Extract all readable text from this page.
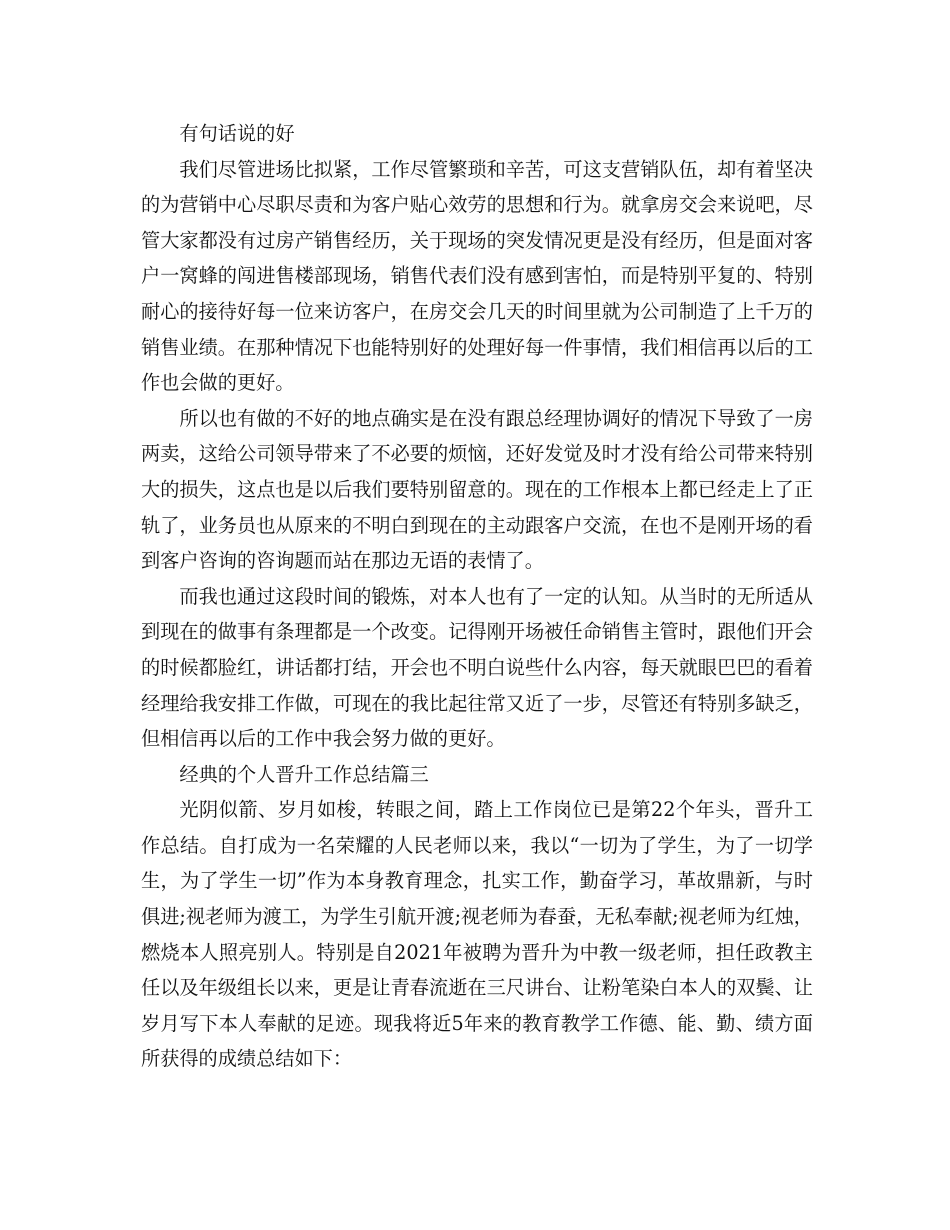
有句话说的好

我们尽管进场比拟紧，工作尽管繁琐和辛苦，可这支营销队伍，却有着坚决的为营销中心尽职尽责和为客户贴心效劳的思想和行为。就拿房交会来说吧，尽管大家都没有过房产销售经历，关于现场的突发情况更是没有经历，但是面对客户一窝蜂的闯进售楼部现场，销售代表们没有感到害怕，而是特别平复的、特别耐心的接待好每一位来访客户，在房交会几天的时间里就为公司制造了上千万的销售业绩。在那种情况下也能特别好的处理好每一件事情，我们相信再以后的工作也会做的更好。

所以也有做的不好的地点确实是在没有跟总经理协调好的情况下导致了一房两卖，这给公司领导带来了不必要的烦恼，还好发觉及时才没有给公司带来特别大的损失，这点也是以后我们要特别留意的。现在的工作根本上都已经走上了正轨了，业务员也从原来的不明白到现在的主动跟客户交流，在也不是刚开场的看到客户咨询的咨询题而站在那边无语的表情了。

而我也通过这段时间的锻炼，对本人也有了一定的认知。从当时的无所适从到现在的做事有条理都是一个改变。记得刚开场被任命销售主管时，跟他们开会的时候都脸红，讲话都打结，开会也不明白说些什么内容，每天就眼巴巴的看着经理给我安排工作做，可现在的我比起往常又近了一步，尽管还有特别多缺乏，但相信再以后的工作中我会努力做的更好。

经典的个人晋升工作总结篇三

光阴似箭、岁月如梭，转眼之间，踏上工作岗位已是第22个年头，晋升工作总结。自打成为一名荣耀的人民老师以来，我以“一切为了学生，为了一切学生，为了学生一切”作为本身教育理念，扎实工作，勤奋学习，革故鼎新，与时俱进;视老师为渡工，为学生引航开渡;视老师为春蚕，无私奉献;视老师为红烛，燃烧本人照亮别人。特别是自2021年被聘为晋升为中教一级老师，担任政教主任以及年级组长以来，更是让青春流逝在三尺讲台、让粉笔染白本人的双鬓、让岁月写下本人奉献的足迹。现我将近5年来的教育教学工作德、能、勤、绩方面所获得的成绩总结如下：
